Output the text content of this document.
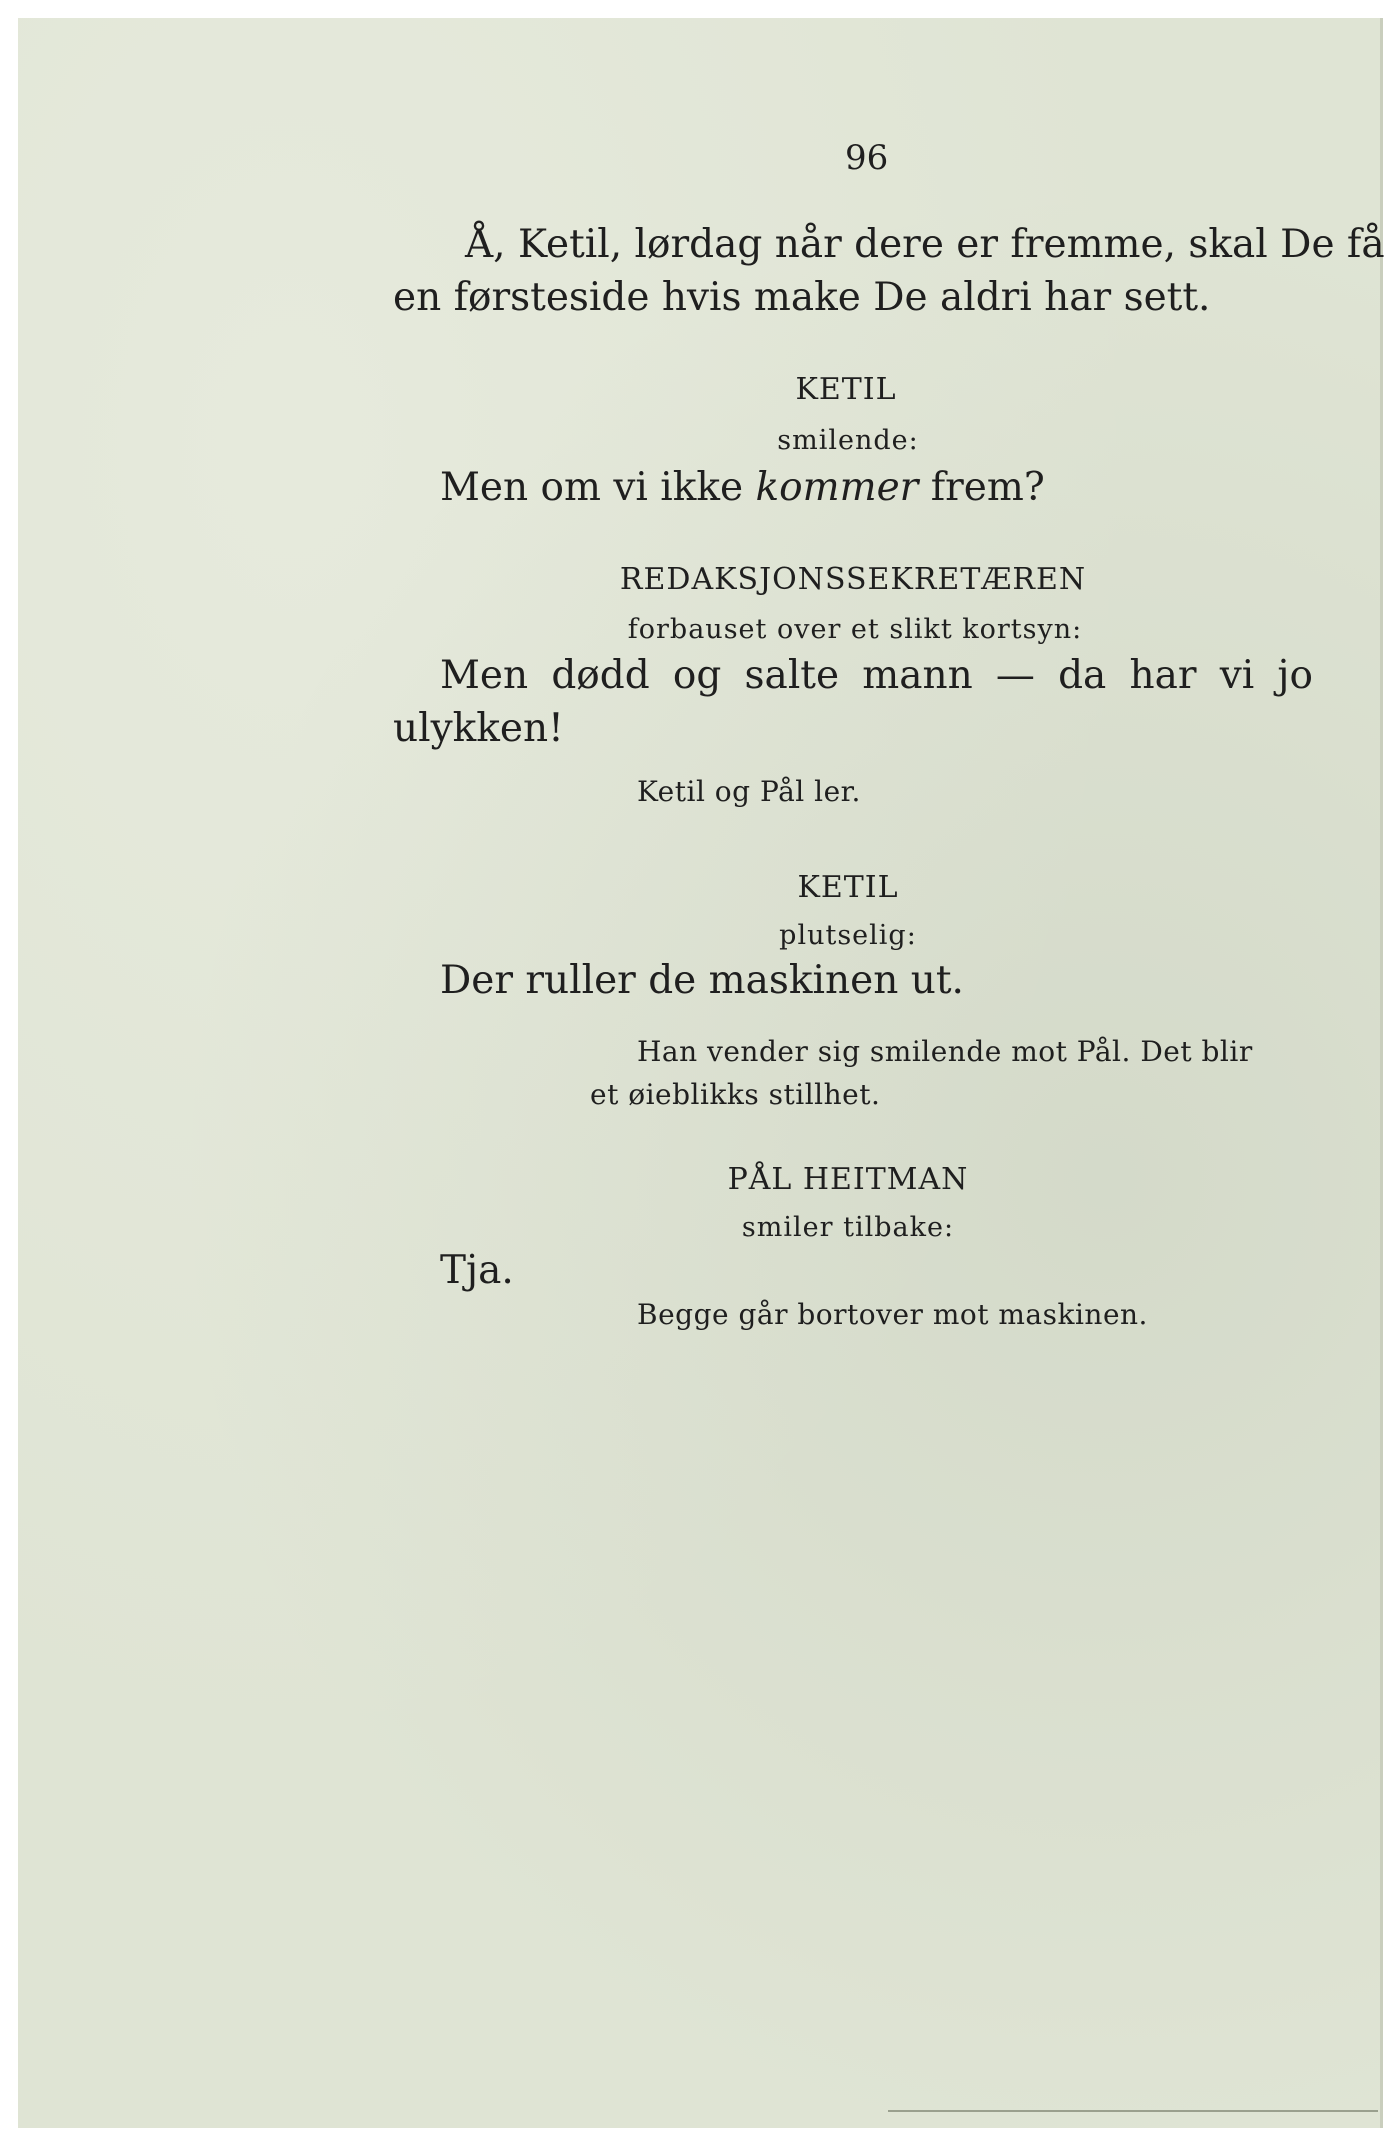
96
Å, Ketil, lørdag når dere er fremme, skal De få
en førsteside hvis make De aldri har sett.
KETIL
smilende:
Men om vi ikke kommer frem?
REDAKSJONSSEKRETÆREN
forbauset over et slikt kortsyn:
Men dødd og salte mann — da har vi jo
ulykken!
Ketil og Pål ler.
KETIL
plutselig:
Der ruller de maskinen ut.
Han vender sig smilende mot Pål. Det blir
et øieblikks stillhet.
PÅL HEITMAN
smiler tilbake:
Tja.
Begge går bortover mot maskinen.
